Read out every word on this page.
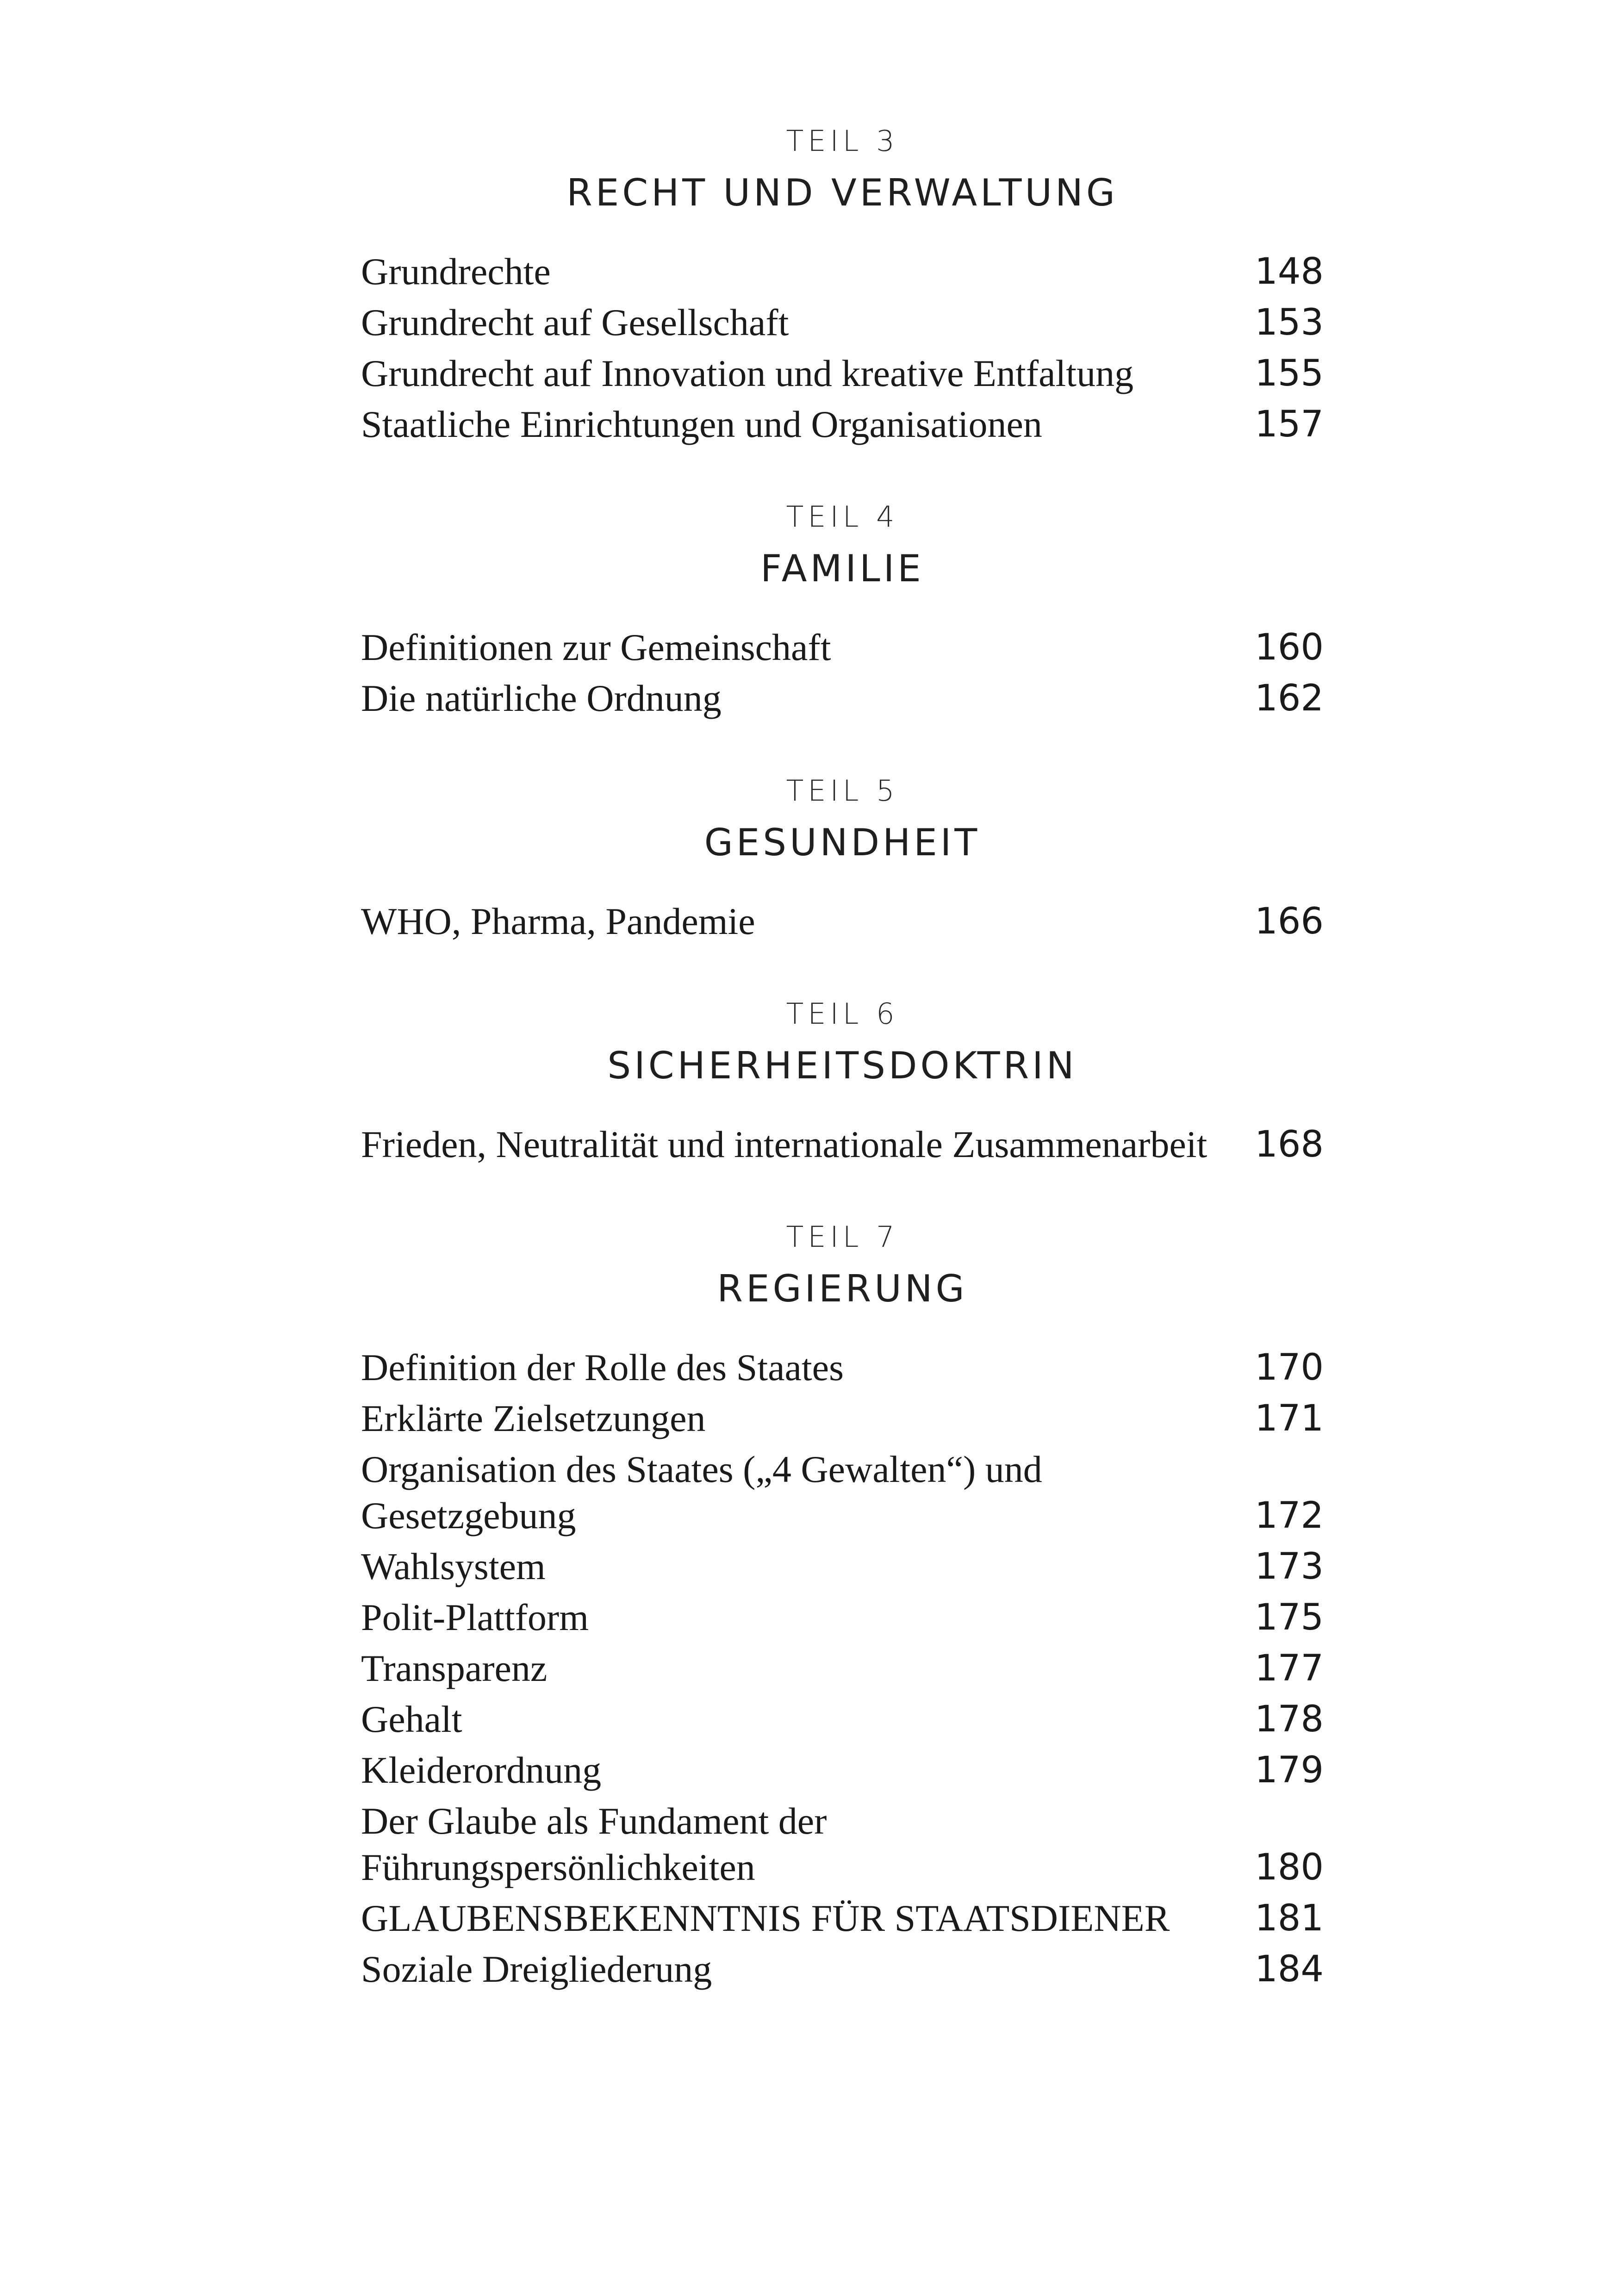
TEIL 3
RECHT UND VERWALTUNG
Grundrechte	148
Grundrecht auf Gesellschaft	153
Grundrecht auf Innovation und kreative Entfaltung	155
Staatliche Einrichtungen und Organisationen	157
TEIL 4
FAMILIE
Definitionen zur Gemeinschaft	160
Die natürliche Ordnung	162
TEIL 5
GESUNDHEIT
WHO, Pharma, Pandemie	166
TEIL 6
SICHERHEITSDOKTRIN
Frieden, Neutralität und internationale Zusammenarbeit 168
TEIL 7
REGIERUNG
Definition der Rolle des Staates	170
Erklärte Zielsetzungen	171
Organisation des Staates („4 Gewalten“) und Gesetzgebung	172
Wahlsystem	173
Polit-Plattform	175
Transparenz	177
Gehalt	178
Kleiderordnung	179
Der Glaube als Fundament der Führungspersönlichkeiten	180
GLAUBENSBEKENNTNIS FÜR STAATSDIENER	181
Soziale Dreigliederung	184
